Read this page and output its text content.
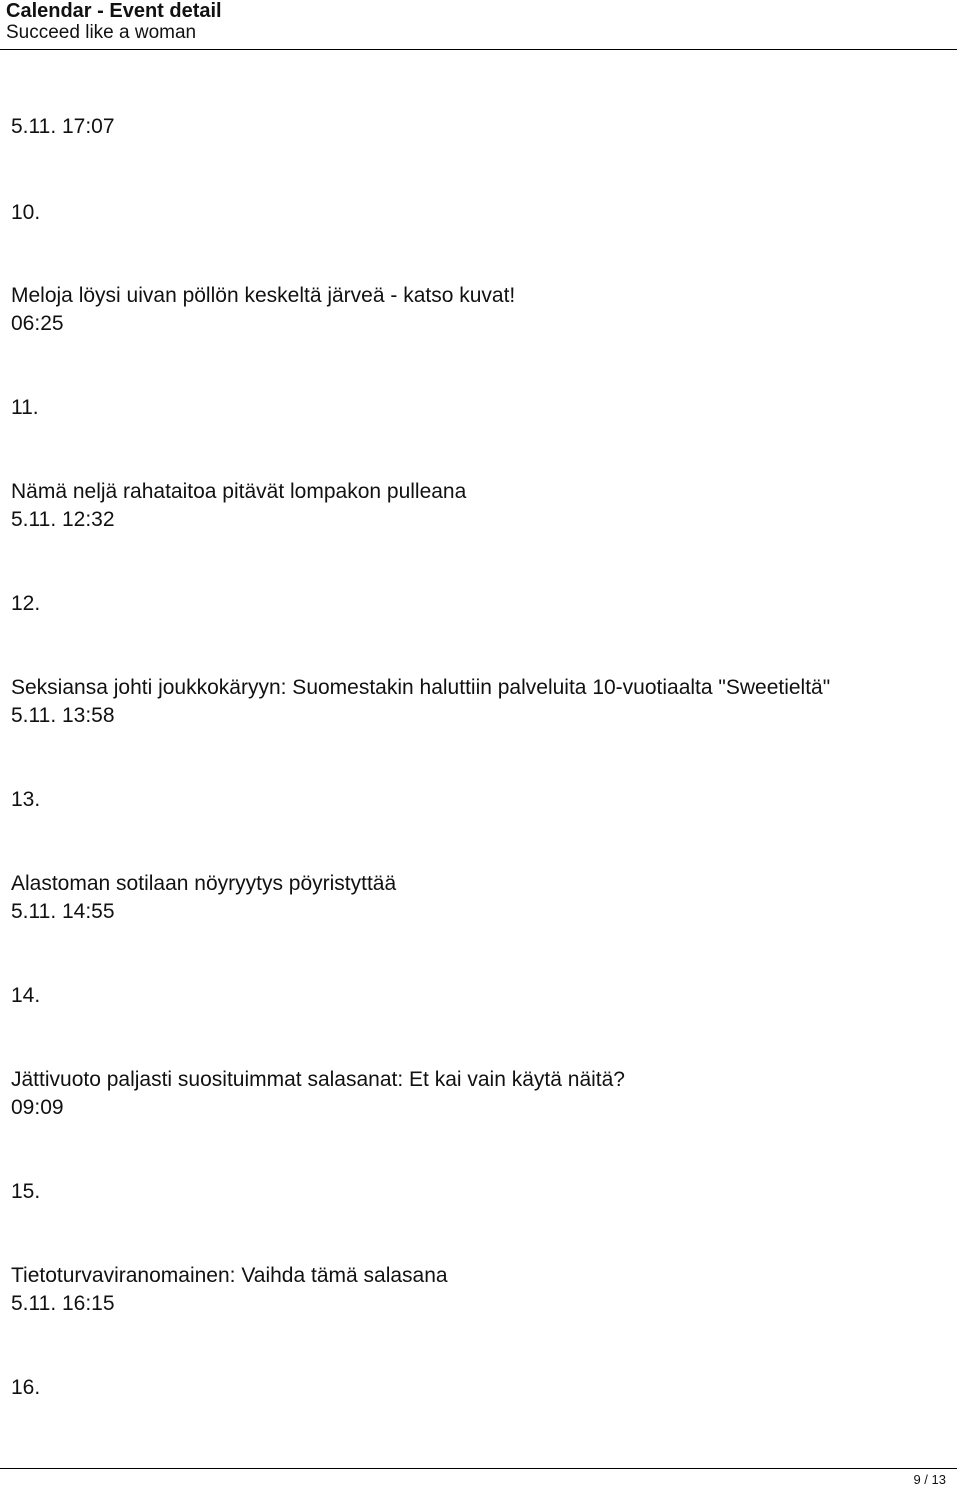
Calendar - Event detail
Succeed like a woman
5.11. 17:07
10.
Meloja löysi uivan pöllön keskeltä järveä - katso kuvat!
06:25
11.
Nämä neljä rahataitoa pitävät lompakon pulleana
5.11. 12:32
12.
Seksiansa johti joukkokäryyn: Suomestakin haluttiin palveluita 10-vuotiaalta "Sweetieltä"
5.11. 13:58
13.
Alastoman sotilaan nöyryytys pöyristyttää
5.11. 14:55
14.
Jättivuoto paljasti suosituimmat salasanat: Et kai vain käytä näitä?
09:09
15.
Tietoturvaviranomainen: Vaihda tämä salasana
5.11. 16:15
16.
9 / 13
